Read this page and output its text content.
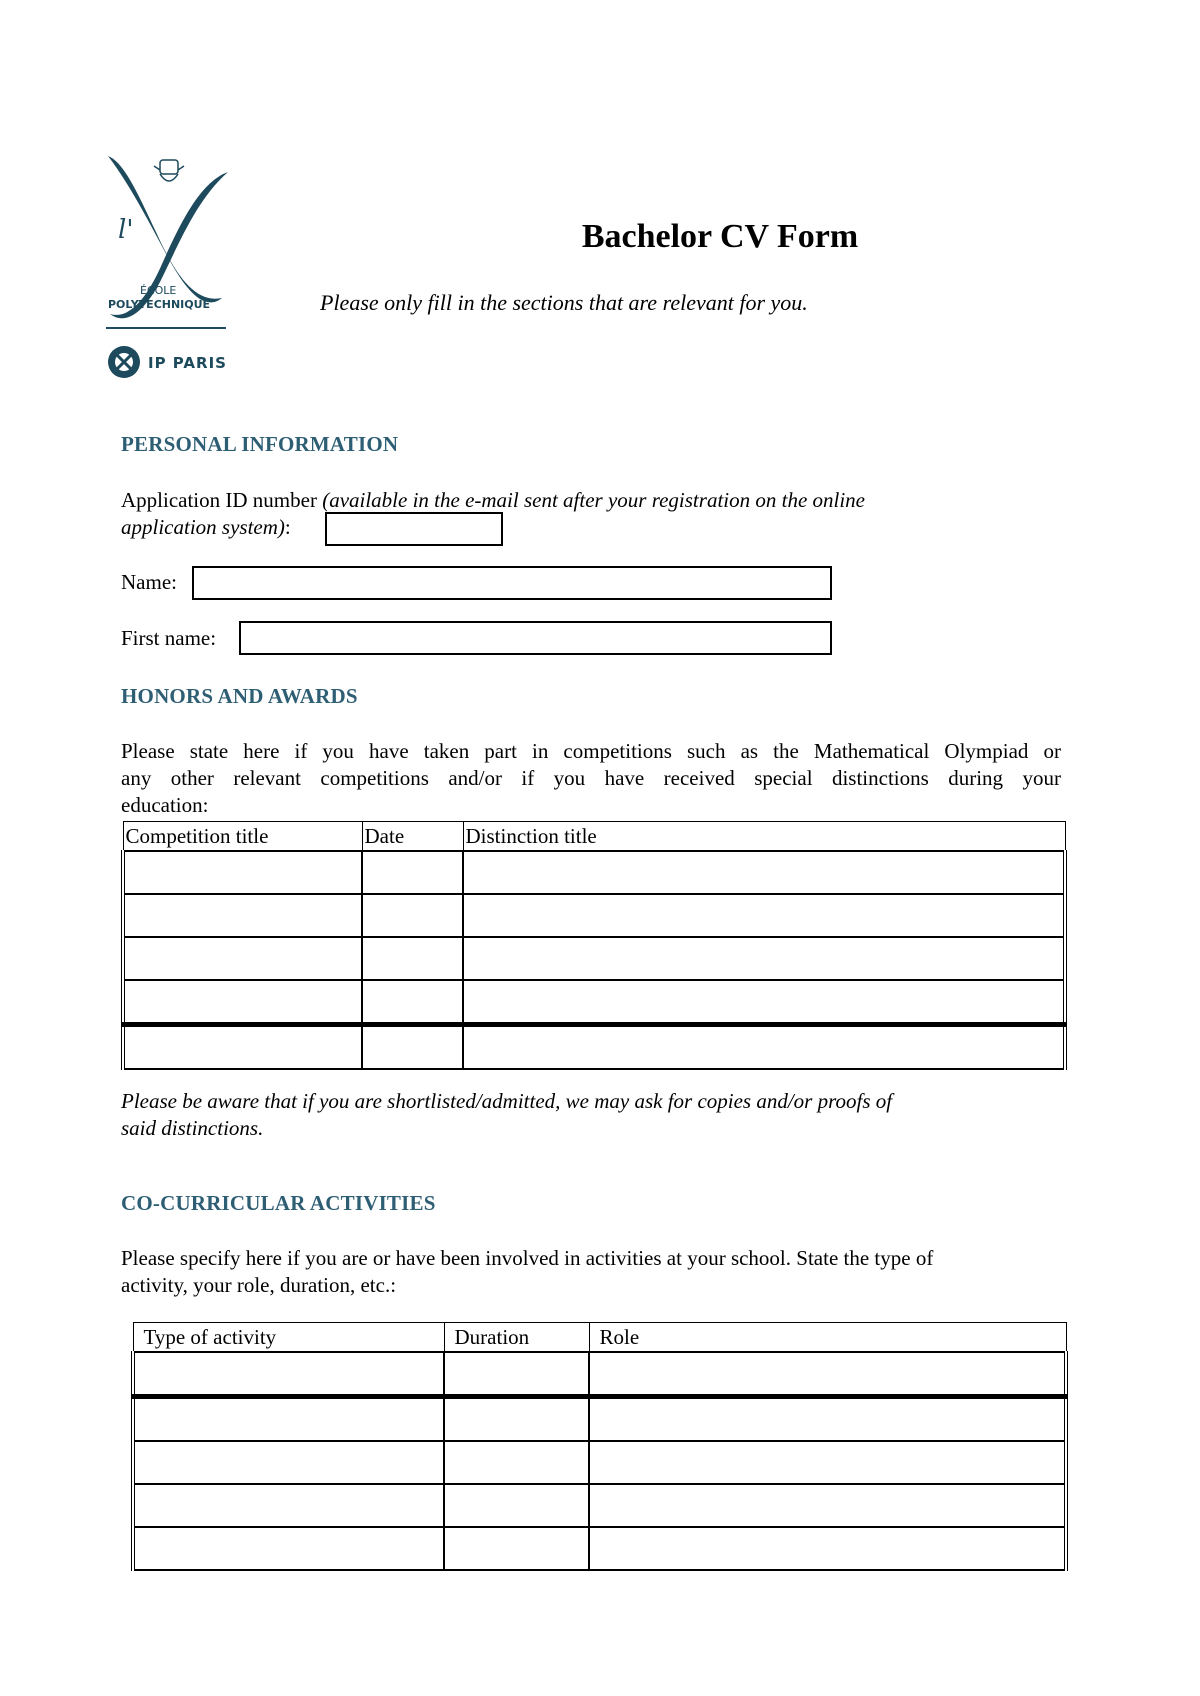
l'
ÉCOLE
POLYTECHNIQUE
IP PARIS
Bachelor CV Form

Please only fill in the sections that are relevant for you.

PERSONAL INFORMATION
Application ID number (available in the e-mail sent after your registration on the online
application system):
Name:
First name:
HONORS AND AWARDS
Please state here if you have taken part in competitions such as the Mathematical Olympiad or
any other relevant competitions and/or if you have received special distinctions during your
education:
Competition title	Date	Distinction title

Please be aware that if you are shortlisted/admitted, we may ask for copies and/or proofs of
said distinctions.
CO-CURRICULAR ACTIVITIES
Please specify here if you are or have been involved in activities at your school. State the type of
activity, your role, duration, etc.:
Type of activity	Duration	Role
